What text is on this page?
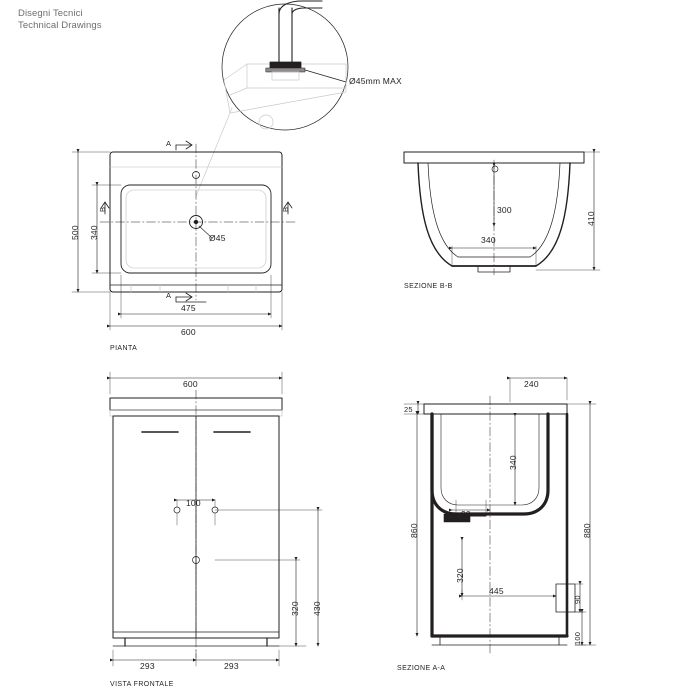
Disegni Tecnici
Technical Drawings
Ø45mm MAX
A
A
B	B
Ø45
475
600
500 340
PIANTA
300
340
410
SEZIONE B-B
600
100
320 430
293	293
VISTA FRONTALE
240
25
340
90
860	880
320
445
90
100
SEZIONE A-A
